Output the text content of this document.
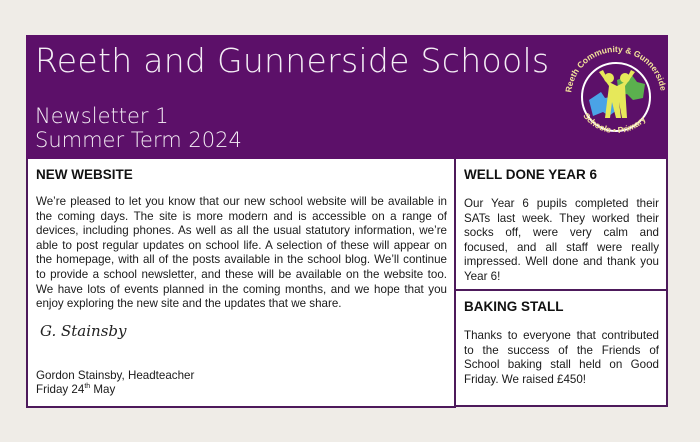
Reeth and Gunnerside Schools
Newsletter 1
Summer Term 2024
Reeth Community & Gunnerside
Schools • Primary
NEW WEBSITE
We’re pleased to let you know that our new school website will be available in the coming days. The site is more modern and is accessible on a range of devices, including phones. As well as all the usual statutory information, we’re able to post regular updates on school life. A selection of these will appear on the homepage, with all of the posts available in the school blog. We’ll continue to provide a school newsletter, and these will be available on the website too. We have lots of events planned in the coming months, and we hope that you enjoy exploring the new site and the updates that we share.
G. Stainsby
Gordon Stainsby, Headteacher
Friday 24th May
WELL DONE YEAR 6
Our Year 6 pupils completed their SATs last week. They worked their socks off, were very calm and focused, and all staff were really impressed. Well done and thank you Year 6!
BAKING STALL
Thanks to everyone that contributed to the success of the Friends of School baking stall held on Good Friday. We raised £450!
